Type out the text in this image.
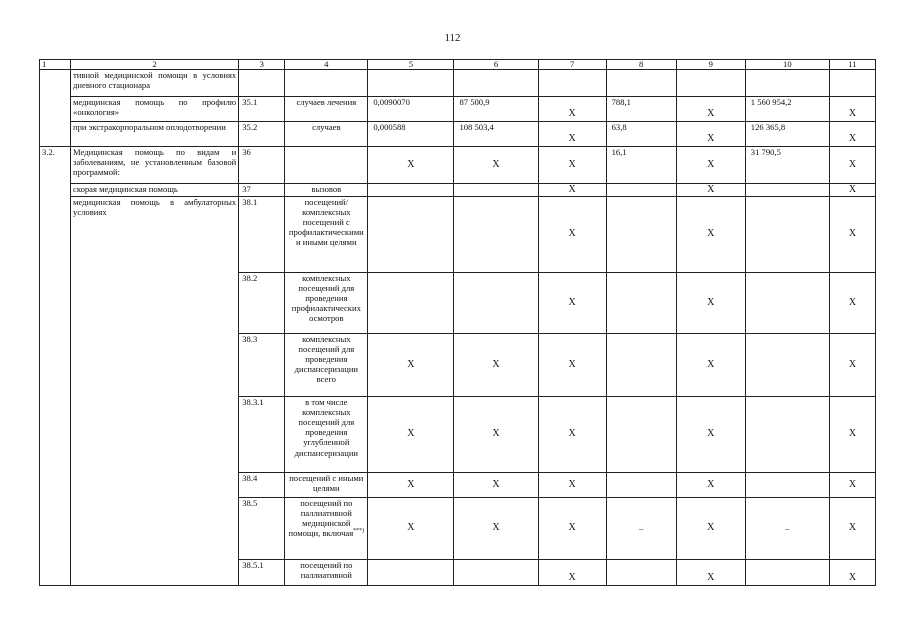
112
1	2	3	4	5	6	7	8	9	10	11
	тивной медицинской помощи в условиях дневного стационара									
	медицинская помощь по профилю «онкология»	35.1	случаев лечения	0,0090070	87 500,9	Х	788,1	Х	1 560 954,2	Х
	при экстракорпоральном оплодотворении	35.2	случаев	0,000588	108 503,4	Х	63,8	Х	126 365,8	Х
3.2.	Медицинская помощь по видам и заболеваниям, не установленным базовой программой:	36		Х	Х	Х	16,1	Х	31 790,5	Х
	скорая медицинская помощь	37	вызовов			Х		Х		Х
	медицинская помощь в амбулаторных условиях	38.1	посещений/комплексных посещений с профилактическими и иными целями			Х		Х		Х
		38.2	комплексных посещений для проведения профилактических осмотров			Х		Х		Х
		38.3	комплексных посещений для проведения диспансеризации всего	Х	Х	Х		Х		Х
		38.3.1	в том числе комплексных посещений для проведения углубленной диспансеризации	Х	Х	Х		Х		Х
		38.4	посещений с иными целями	Х	Х	Х		Х		Х
		38.5	посещений по паллиативной медицинской помощи, включая***)	Х	Х	Х	–	Х	–	Х
		38.5.1	посещений по паллиативной			Х		Х		Х
